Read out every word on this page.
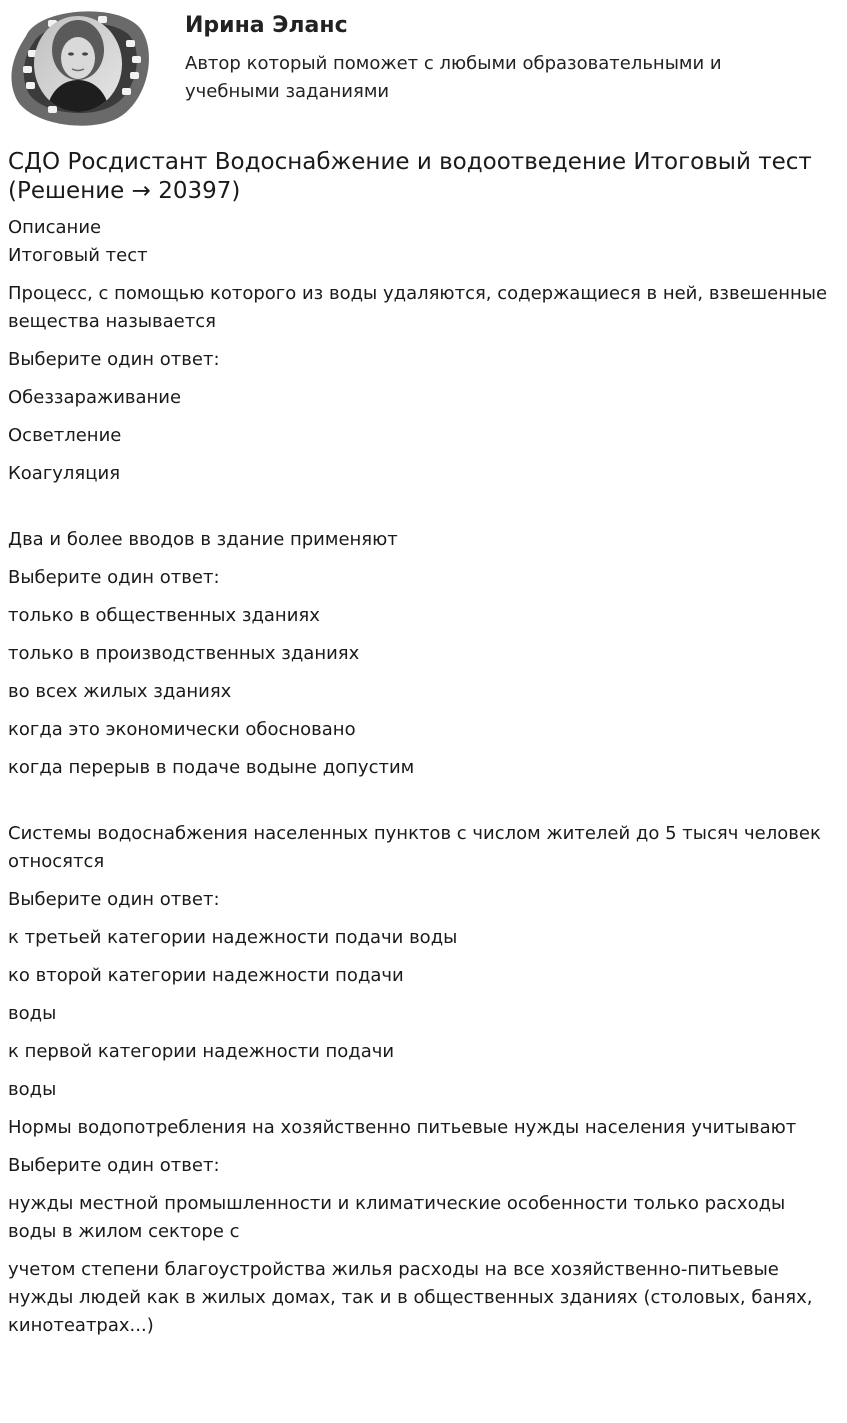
Ирина Эланс
Автор который поможет с любыми образовательными и учебными заданиями
СДО Росдистант Водоснабжение и водоотведение Итоговый тест (Решение → 20397)

Описание

Итоговый тест

Процесс, с помощью которого из воды удаляются, содержащиеся в ней, взвешенные вещества называется

Выберите один ответ:

Обеззараживание

Осветление

Коагуляция

Два и более вводов в здание применяют

Выберите один ответ:

только в общественных зданиях

только в производственных зданиях

во всех жилых зданиях

когда это экономически обосновано

когда перерыв в подаче водыне допустим

Системы водоснабжения населенных пунктов с числом жителей до 5 тысяч человек относятся

Выберите один ответ:

к третьей категории надежности подачи воды

ко второй категории надежности подачи

воды

к первой категории надежности подачи

воды

Нормы водопотребления на хозяйственно питьевые нужды населения учитывают

Выберите один ответ:

нужды местной промышленности и климатические особенности только расходы воды в жилом секторе с

учетом степени благоустройства жилья расходы на все хозяйственно-питьевые нужды людей как в жилых домах, так и в общественных зданиях (столовых, банях, кинотеатрах...)
